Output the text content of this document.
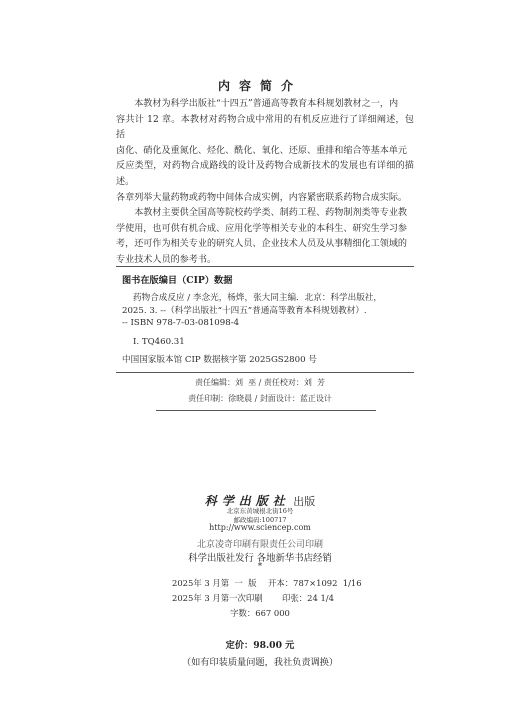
内容简介

本教材为科学出版社“十四五”普通高等教育本科规划教材之一，内
容共计 12 章。本教材对药物合成中常用的有机反应进行了详细阐述，包括
卤化、硝化及重氮化、烃化、酰化、氧化、还原、重排和缩合等基本单元
反应类型，对药物合成路线的设计及药物合成新技术的发展也有详细的描述。
各章列举大量药物或药物中间体合成实例，内容紧密联系药物合成实际。

本教材主要供全国高等院校药学类、制药工程、药物制剂类等专业教
学使用，也可供有机合成、应用化学等相关专业的本科生、研究生学习参
考，还可作为相关专业的研究人员、企业技术人员及从事精细化工领域的
专业技术人员的参考书。

图书在版编目（CIP）数据
药物合成反应 / 李念光，杨烨，张大同主编．北京：科学出版社，
2025. 3. --（科学出版社“十四五”普通高等教育本科规划教材）.
-- ISBN 978-7-03-081098-4
Ⅰ. TQ460.31
中国国家版本馆 CIP 数据核字第 2025GS2800 号
责任编辑：刘  巫 / 责任校对：刘  芳
责任印制：徐晓晨 / 封面设计：蓝正设计
科学出版社 出版
北京东黄城根北街16号
邮政编码:100717
http://www.sciencep.com
北京凌奇印刷有限责任公司印刷
科学出版社发行 各地新华书店经销
*
2025年 3 月第  一  版 开本：787×1092  1/16
2025年 3 月第一次印刷 印张：24 1/4
字数：667 000
定价：98.00 元
（如有印装质量问题，我社负责调换）
